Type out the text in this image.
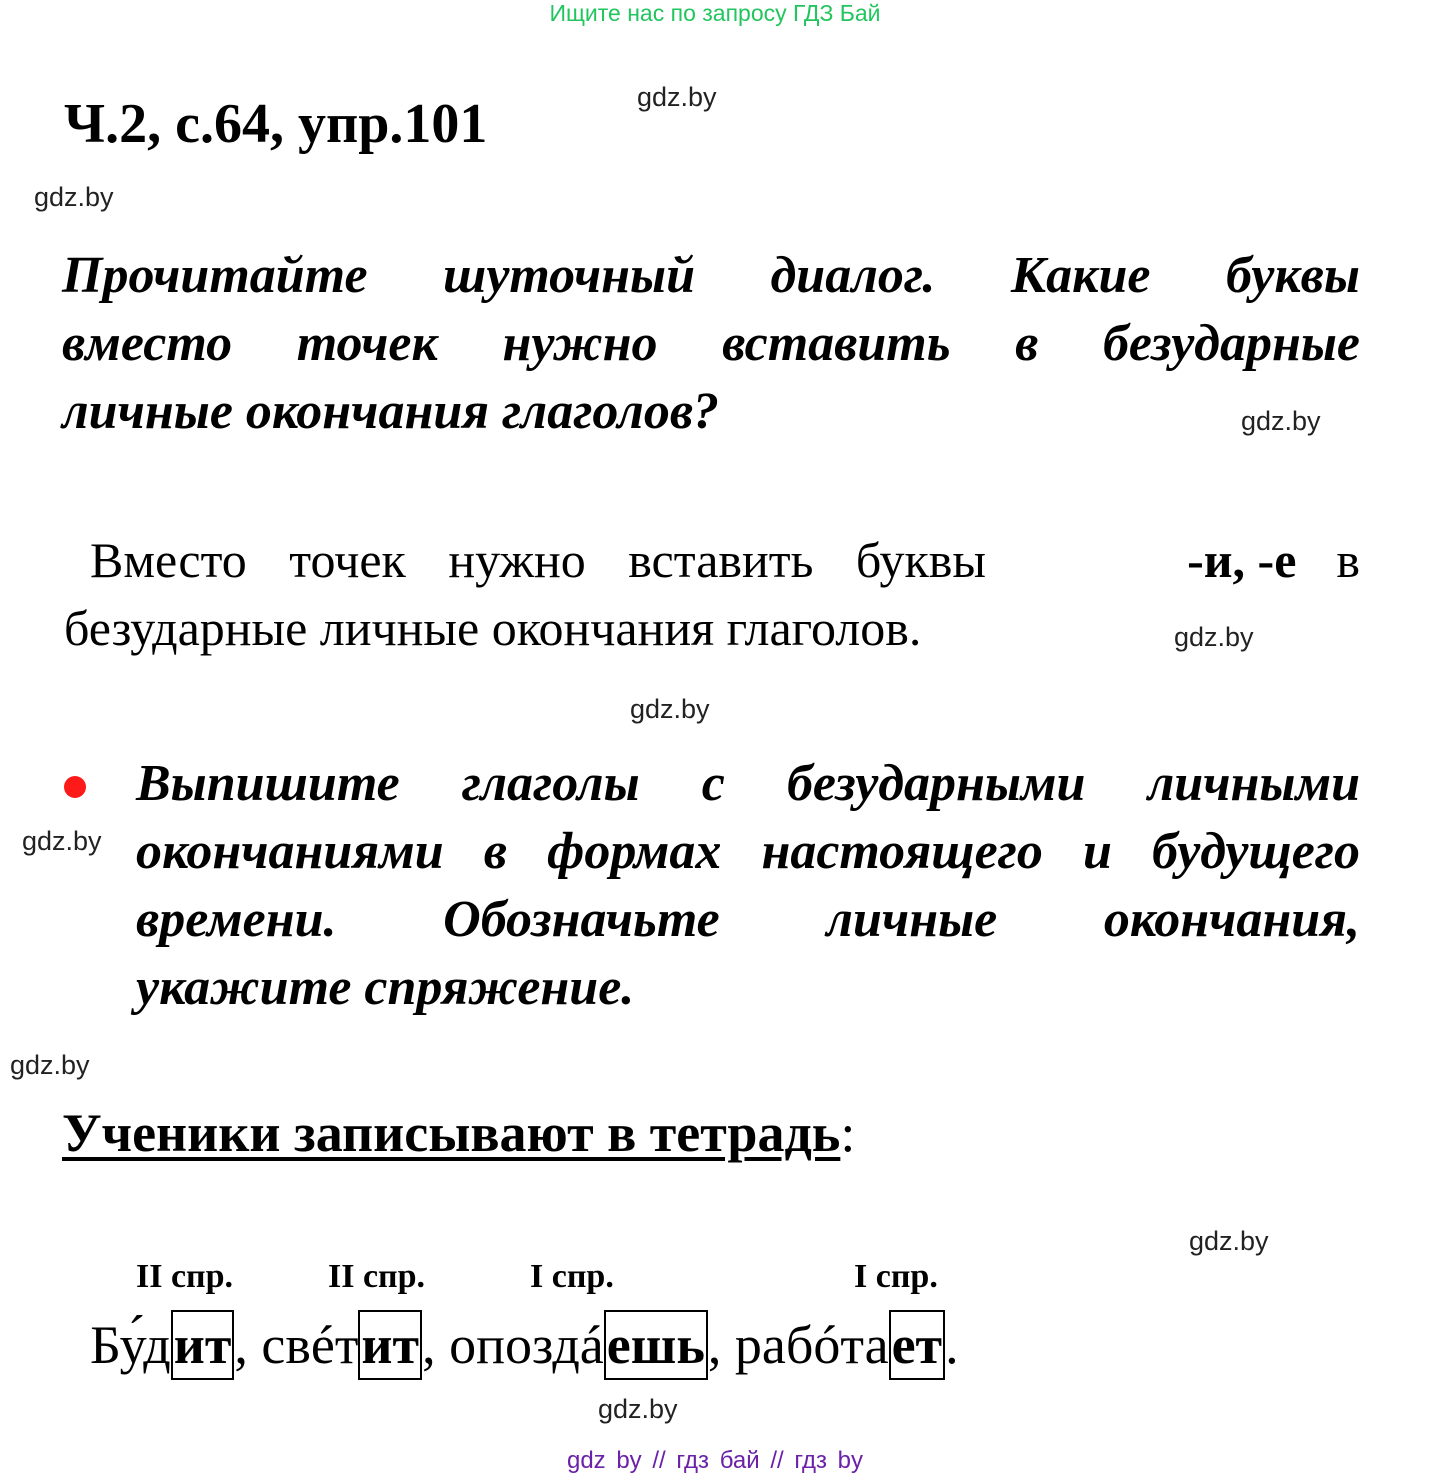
Ищите нас по запросу ГДЗ Бай
Ч.2, с.64, упр.101	gdz.by
gdz.by
gdz.by
gdz.by
gdz.by
gdz.by
gdz.by
gdz.by
gdz.by
Прочитайте шуточный диалог. Какие буквы
вместо точек нужно вставить в безударные
личные окончания глаголов?
Вместо точек нужно вставить буквы	-и, -е в
безударные личные окончания глаголов.
Выпишите глаголы с безударными личными
окончаниями в формах настоящего и будущего
времени. Обозначьте личные окончания,
укажите спряжение.
Ученики записывают в тетрадь:
II спр.	II спр.	I спр.	I спр.
Бу́дит, свéтит, опоздáешь, рабóтает.
gdz by // гдз бай // гдз by
